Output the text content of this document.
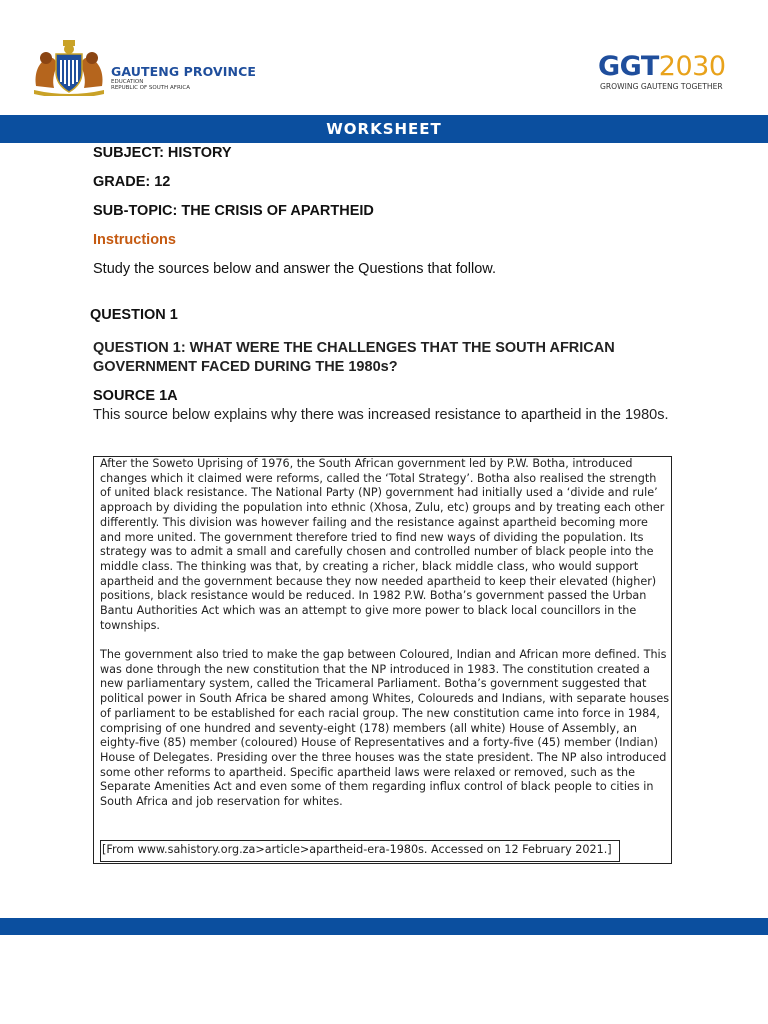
GAUTENG PROVINCE
EDUCATION
REPUBLIC OF SOUTH AFRICA
GGT2030
GROWING GAUTENG TOGETHER
WORKSHEET
SUBJECT: HISTORY
GRADE: 12
SUB-TOPIC: THE CRISIS OF APARTHEID
Instructions
Study the sources below and answer the Questions that follow.
QUESTION 1
QUESTION 1: WHAT WERE THE CHALLENGES THAT THE SOUTH AFRICAN GOVERNMENT FACED DURING THE 1980s?
SOURCE 1A
This source below explains why there was increased resistance to apartheid in the 1980s.
After the Soweto Uprising of 1976, the South African government led by P.W. Botha, introduced changes which it claimed were reforms, called the ‘Total Strategy’. Botha also realised the strength of united black resistance. The National Party (NP) government had initially used a ‘divide and rule’ approach by dividing the population into ethnic (Xhosa, Zulu, etc) groups and by treating each other differently. This division was however failing and the resistance against apartheid becoming more and more united. The government therefore tried to find new ways of dividing the population. Its strategy was to admit a small and carefully chosen and controlled number of black people into the middle class. The thinking was that, by creating a richer, black middle class, who would support apartheid and the government because they now needed apartheid to keep their elevated (higher) positions, black resistance would be reduced. In 1982 P.W. Botha’s government passed the Urban Bantu Authorities Act which was an attempt to give more power to black local councillors in the townships.
The government also tried to make the gap between Coloured, Indian and African more defined. This was done through the new constitution that the NP introduced in 1983. The constitution created a new parliamentary system, called the Tricameral Parliament. Botha’s government suggested that political power in South Africa be shared among Whites, Coloureds and Indians, with separate houses of parliament to be established for each racial group. The new constitution came into force in 1984, comprising of one hundred and seventy-eight (178) members (all white) House of Assembly, an eighty-five (85) member (coloured) House of Representatives and a forty-five (45) member (Indian) House of Delegates. Presiding over the three houses was the state president. The NP also introduced some other reforms to apartheid. Specific apartheid laws were relaxed or removed, such as the Separate Amenities Act and even some of them regarding influx control of black people to cities in South Africa and job reservation for whites.
[From www.sahistory.org.za>article>apartheid-era-1980s. Accessed on 12 February 2021.]
